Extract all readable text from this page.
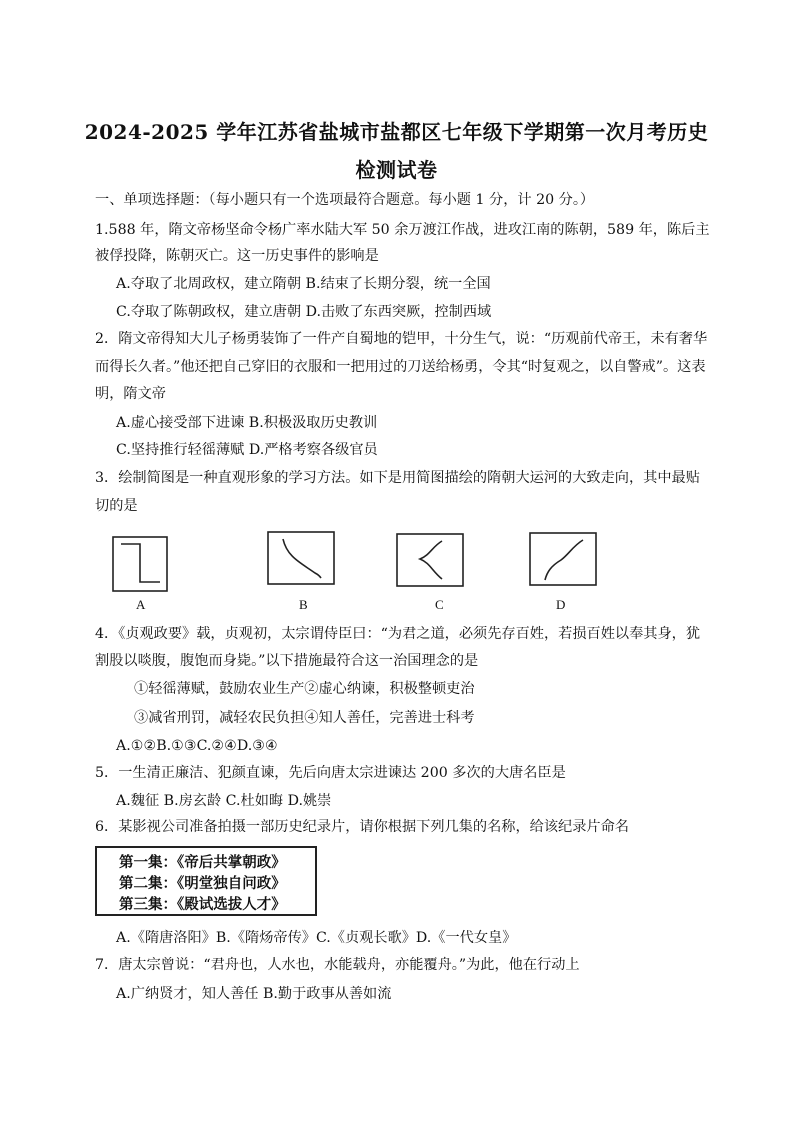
2024-2025 学年江苏省盐城市盐都区七年级下学期第一次月考历史
检测试卷
一、单项选择题：（每小题只有一个选项最符合题意。每小题 1 分，计 20 分。）
1.588 年，隋文帝杨坚命令杨广率水陆大军 50 余万渡江作战，进攻江南的陈朝，589 年，陈后主
被俘投降，陈朝灭亡。这一历史事件的影响是
A.夺取了北周政权，建立隋朝 B.结束了长期分裂，统一全国
C.夺取了陈朝政权，建立唐朝 D.击败了东西突厥，控制西域
2．隋文帝得知大儿子杨勇装饰了一件产自蜀地的铠甲，十分生气，说：“历观前代帝王，未有奢华
而得长久者。”他还把自己穿旧的衣服和一把用过的刀送给杨勇，令其“时复观之，以自警戒”。这表
明，隋文帝
A.虚心接受部下进谏 B.积极汲取历史教训
C.坚持推行轻徭薄赋 D.严格考察各级官员
3．绘制简图是一种直观形象的学习方法。如下是用简图描绘的隋朝大运河的大致走向，其中最贴
切的是
A	B	C	D
4．《贞观政要》载，贞观初，太宗谓侍臣曰：“为君之道，必须先存百姓，若损百姓以奉其身，犹
割股以啖腹，腹饱而身毙。”以下措施最符合这一治国理念的是
①轻徭薄赋，鼓励农业生产②虚心纳谏，积极整顿吏治
③减省刑罚，减轻农民负担④知人善任，完善进士科考
A.①②B.①③C.②④D.③④
5．一生清正廉洁、犯颜直谏，先后向唐太宗进谏达 200 多次的大唐名臣是
A.魏征 B.房玄龄 C.杜如晦 D.姚崇
6．某影视公司准备拍摄一部历史纪录片，请你根据下列几集的名称，给该纪录片命名
第一集：《帝后共掌朝政》
第二集：《明堂独自问政》
第三集：《殿试选拔人才》
A.《隋唐洛阳》B.《隋炀帝传》C.《贞观长歌》D.《一代女皇》
7．唐太宗曾说：“君舟也，人水也，水能载舟，亦能覆舟。”为此，他在行动上
A.广纳贤才，知人善任 B.勤于政事从善如流
